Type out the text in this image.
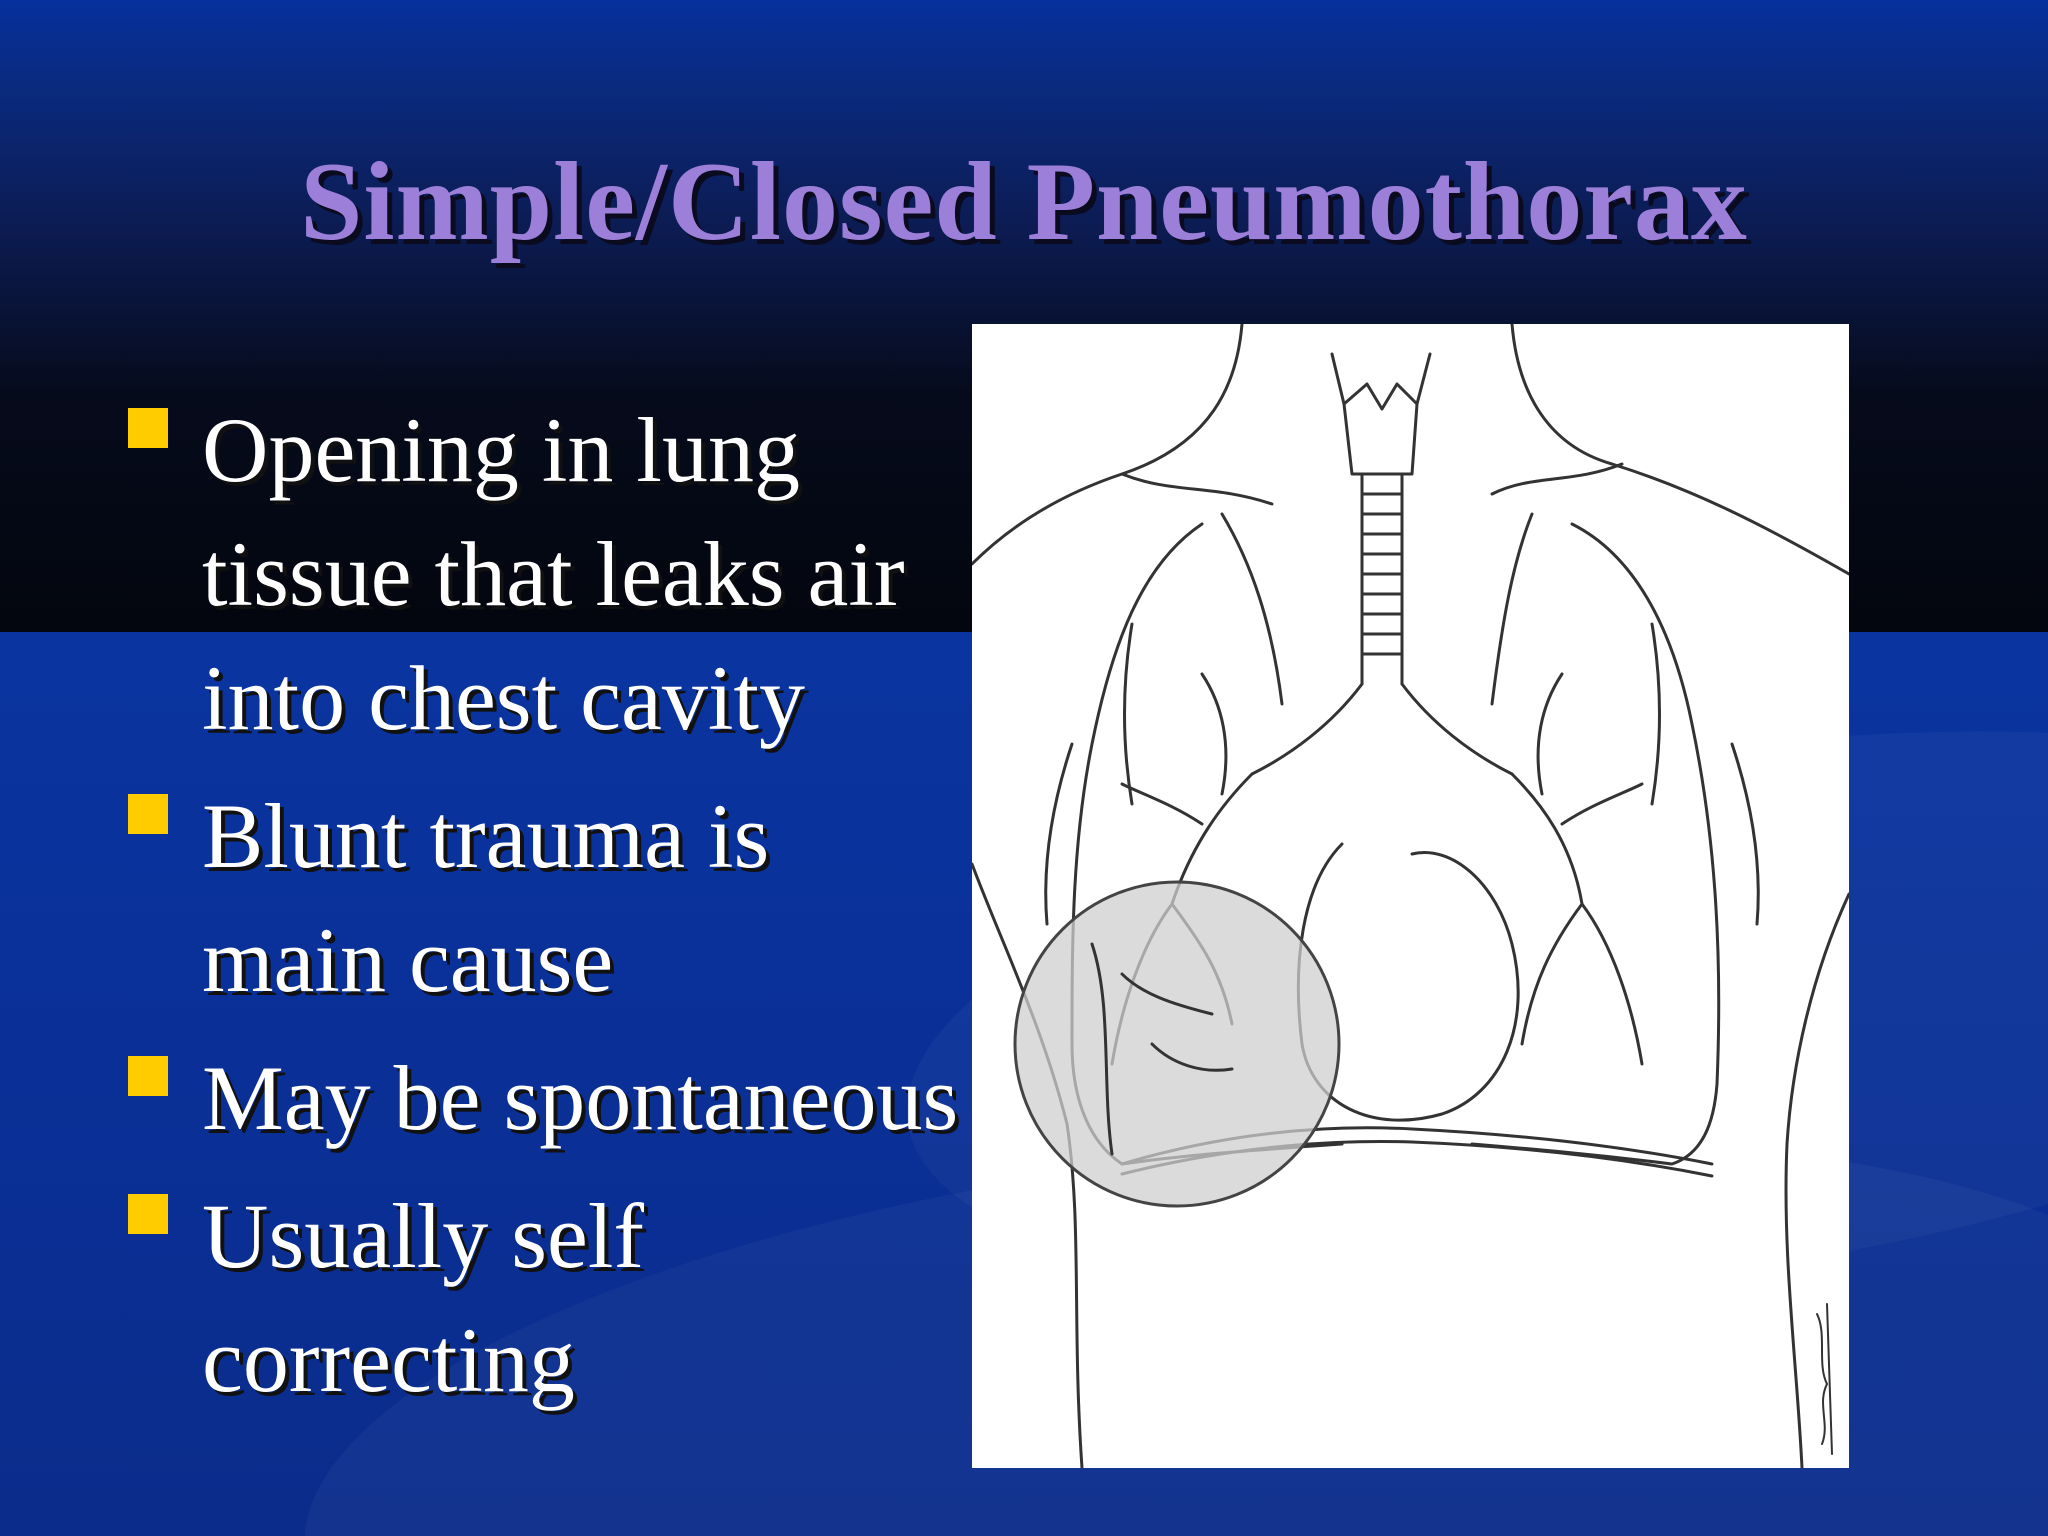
Simple/Closed Pneumothorax
Opening in lung tissue that leaks air into chest cavity
Blunt trauma is main cause
May be spontaneous
Usually self correcting
